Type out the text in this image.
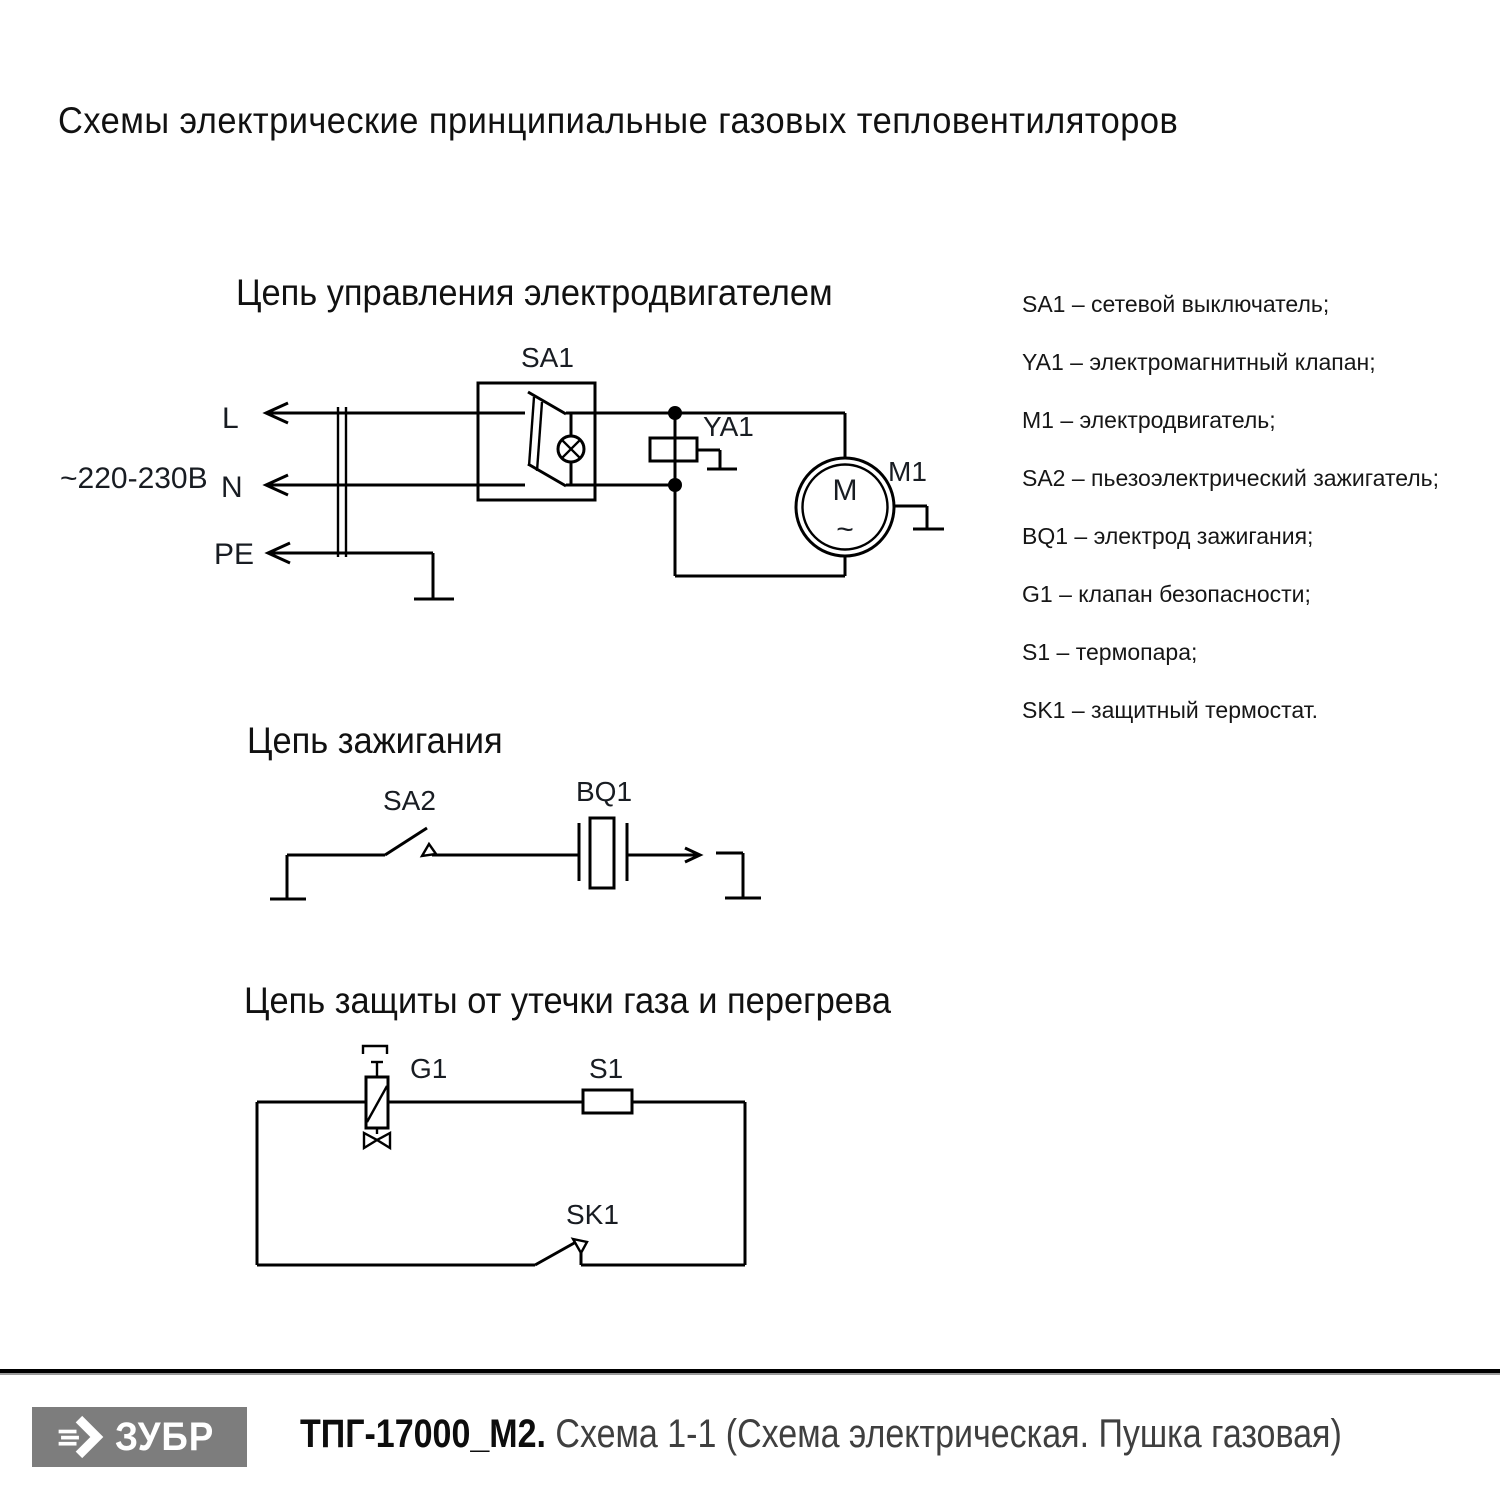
Схемы электрические принципиальные газовых тепловентиляторов
Цепь управления электродвигателем
Цепь зажигания
Цепь защиты от утечки газа и перегрева
SA1 – сетевой выключатель;
YA1 – электромагнитный клапан;
M1 – электродвигатель;
SA2 – пьезоэлектрический зажигатель;
BQ1 – электрод зажигания;
G1 – клапан безопасности;
S1 – термопара;
SK1 – защитный термостат.
~220-230В
L
N
PE
SA1
YA1
M
~
M1
SA2	BQ1
G1	S1
SK1
ЗУБР ТПГ-17000_М2. Схема 1-1 (Схема электрическая. Пушка газовая)
